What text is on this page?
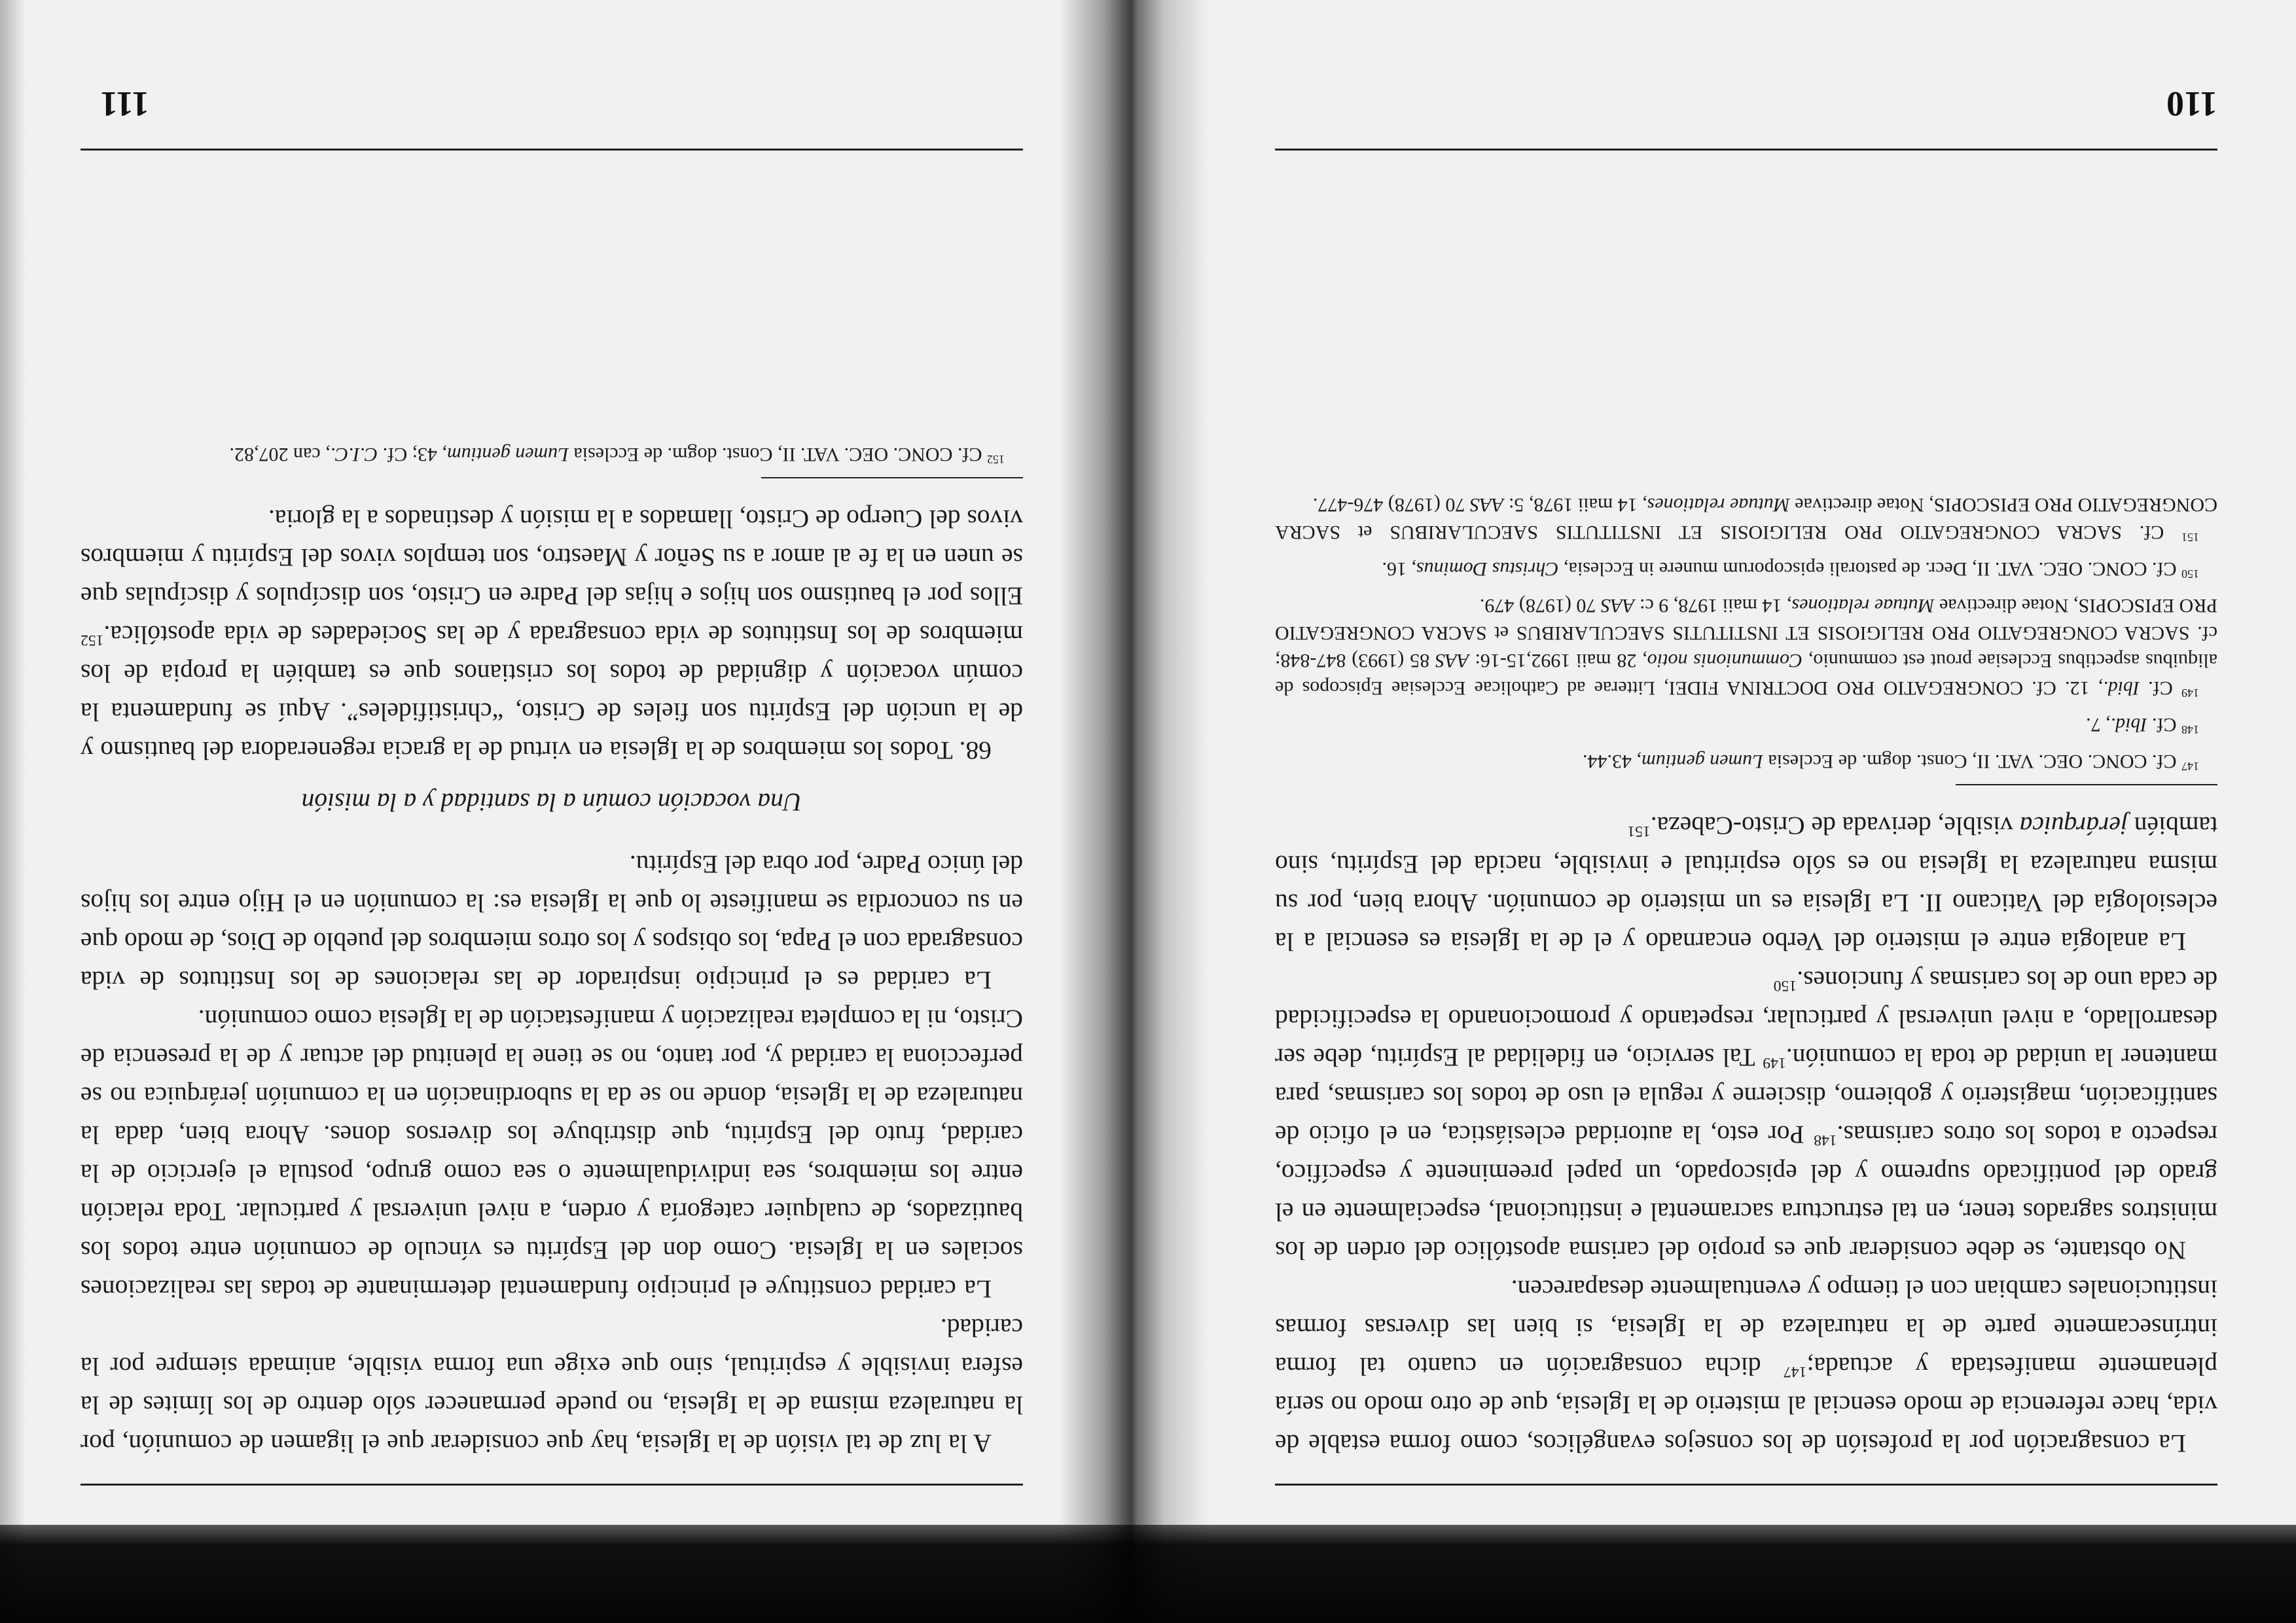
La consagración por la profesión de los consejos evangélicos, como forma estable de vida, hace referencia de modo esencial al misterio de la Iglesia, que de otro modo no sería plenamente manifestada y actuada;$^{147}$ dicha consagración en cuanto tal forma intrínsecamente parte de la naturaleza de la Iglesia, si bien las diversas formas institucionales cambian con el tiempo y eventualmente desaparecen.

No obstante, se debe considerar que es propio del carisma apostólico del orden de los ministros sagrados tener, en tal estructura sacramental e institucional, especialmente en el grado del pontificado supremo y del episcopado, un papel preeminente y específico, respecto a todos los otros carismas.$^{148}$ Por esto, la autoridad eclesiástica, en el oficio de santificación, magisterio y gobierno, discierne y regula el uso de todos los carismas, para mantener la unidad de toda la comunión.$^{149}$ Tal servicio, en fidelidad al Espíritu, debe ser desarrollado, a nivel universal y particular, respetando y promocionando la especificidad de cada uno de los carismas y funciones.$^{150}$

La analogía entre el misterio del Verbo encarnado y el de la Iglesia es esencial a la eclesiología del Vaticano II. La Iglesia es un misterio de comunión. Ahora bien, por su misma naturaleza la Iglesia no es sólo espiritual e invisible, nacida del Espíritu, sino también jerárquica visible, derivada de Cristo-Cabeza.$^{151}$

$^{147}$ Cf. CONC. OEC. VAT. II, Const. dogm. de Ecclesia Lumen gentium, 43.44.

$^{148}$ Cf. Ibid., 7.

$^{149}$ Cf. Ibid., 12. Cf. CONGREGATIO PRO DOCTRINA FIDEI, Litterae ad Catholicae Ecclesiae Episcopos de aliquibus aspectibus Ecclesiae prout est communio, Communionis notio, 28 maii 1992,15-16: AAS 85 (1993) 847-848; cf. SACRA CONGREGATIO PRO RELIGIOSIS ET INSTITUTIS SAECULARIBUS et SACRA CONGREGATIO PRO EPISCOPIS, Notae directivae Mutuae relationes, 14 maii 1978, 9 c: AAS 70 (1978) 479.

$^{150}$ Cf. CONC. OEC. VAT. II, Decr. de pastorali episcoporum munere in Ecclesia, Christus Dominus, 16.

$^{151}$ Cf. SACRA CONGREGATIO PRO RELIGIOSIS ET INSTITUTIS SAECULARIBUS et SACRA CONGREGATIO PRO EPISCOPIS, Notae directivae Mutuae relationes, 14 maii 1978, 5: AAS 70 (1978) 476-477.

110

A la luz de tal visión de la Iglesia, hay que considerar que el ligamen de comunión, por la naturaleza misma de la Iglesia, no puede permanecer sólo dentro de los límites de la esfera invisible y espiritual, sino que exige una forma visible, animada siempre por la caridad.

La caridad constituye el principio fundamental determinante de todas las realizaciones sociales en la Iglesia. Como don del Espíritu es vínculo de comunión entre todos los bautizados, de cualquier categoría y orden, a nivel universal y particular. Toda relación entre los miembros, sea individualmente o sea como grupo, postula el ejercicio de la caridad, fruto del Espíritu, que distribuye los diversos dones. Ahora bien, dada la naturaleza de la Iglesia, donde no se da la subordinación en la comunión jerárquica no se perfecciona la caridad y, por tanto, no se tiene la plenitud del actuar y de la presencia de Cristo, ni la completa realización y manifestación de la Iglesia como comunión.

La caridad es el principio inspirador de las relaciones de los Institutos de vida consagrada con el Papa, los obispos y los otros miembros del pueblo de Dios, de modo que en su concordia se manifieste lo que la Iglesia es: la comunión en el Hijo entre los hijos del único Padre, por obra del Espíritu.

Una vocación común a la santidad y a la misión

68. Todos los miembros de la Iglesia en virtud de la gracia regeneradora del bautismo y de la unción del Espíritu son fieles de Cristo, “christifideles”. Aquí se fundamenta la común vocación y dignidad de todos los cristianos que es también la propia de los miembros de los Institutos de vida consagrada y de las Sociedades de vida apostólica.$^{152}$ Ellos por el bautismo son hijos e hijas del Padre en Cristo, son discípulos y discípulas que se unen en la fe al amor a su Señor y Maestro, son templos vivos del Espíritu y miembros vivos del Cuerpo de Cristo, llamados a la misión y destinados a la gloria.

$^{152}$ Cf. CONC. OEC. VAT. II, Const. dogm. de Ecclesia Lumen gentium, 43; Cf. C.I.C., can 207,82.

111
